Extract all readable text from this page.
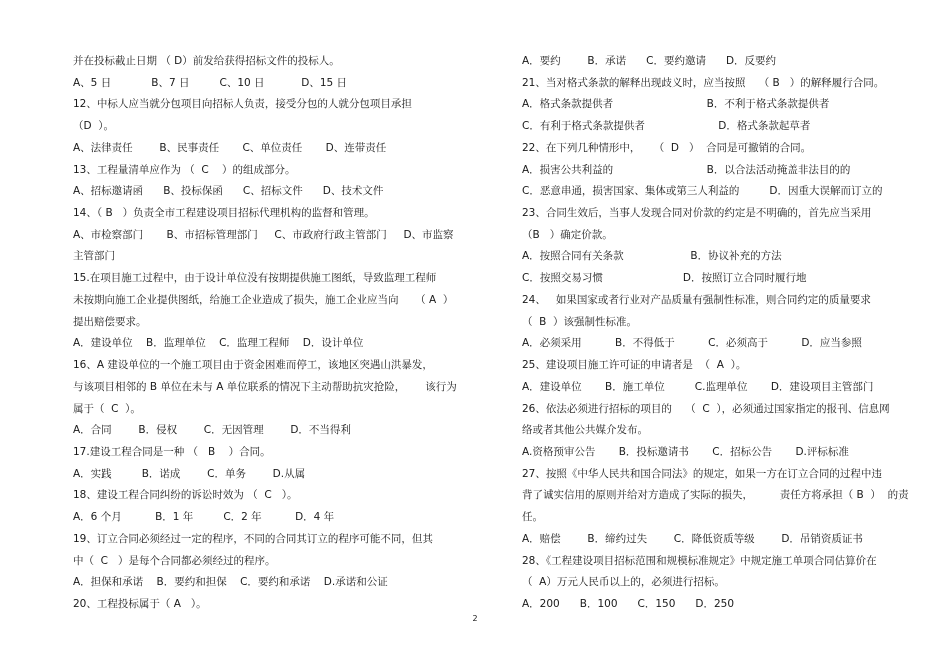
并在投标截止日期 （ D）前发给获得招标文件的投标人。
A、5 日            B、7 日         C、10 日           D、15 日
12、中标人应当就分包项目向招标人负责，接受分包的人就分包项目承担
（D  ）。
A、法律责任        B、民事责任       C、单位责任       D、连带责任
13、工程量清单应作为 （  C    ）的组成部分。
A、招标邀请函      B、投标保函      C、招标文件      D、技术文件
14、（ B   ）负责全市工程建设项目招标代理机构的监督和管理。
A、市检察部门       B、市招标管理部门     C、市政府行政主管部门     D、市监察
主管部门
15.在项目施工过程中，由于设计单位没有按期提供施工图纸，导致监理工程师
未按期向施工企业提供图纸，给施工企业造成了损失，施工企业应当向     （ A  ）
提出赔偿要求。
A．建设单位    B．监理单位    C．监理工程师    D．设计单位
16、A 建设单位的一个施工项目由于资金困难而停工，该地区突遇山洪暴发，
与该项目相邻的 B 单位在未与 A 单位联系的情况下主动帮助抗灾抢险，      该行为
属于（  C  ）。
A．合同        B．侵权        C．无因管理        D．不当得利
17.建设工程合同是一种 （   B    ）合同。
A．实践         B．诺成        C．单务        D.从属
18、建设工程合同纠纷的诉讼时效为 （  C   ）。
A．6 个月          B．1 年         C．2 年          D．4 年
19、订立合同必须经过一定的程序，不同的合同其订立的程序可能不同，但其
中（  C   ）是每个合同都必须经过的程序。
A．担保和承诺    B．要约和担保    C．要约和承诺    D.承诺和公证
20、工程投标属于（ A   ）。
A．要约        B．承诺      C．要约邀请      D．反要约
21、当对格式条款的解释出现歧义时，应当按照    （ B   ）的解释履行合同。
A．格式条款提供者                            B．不利于格式条款提供者
C．有利于格式条款提供者                      D．格式条款起草者
22、在下列几种情形中，    （  D   ）  合同是可撤销的合同。
A．损害公共利益的                            B．以合法活动掩盖非法目的的
C．恶意串通，损害国家、集体或第三人利益的         D．因重大误解而订立的
23、合同生效后，当事人发现合同对价款的约定是不明确的，首先应当采用
（B   ）确定价款。
A．按照合同有关条款                    B．协议补充的方法
C．按照交易习惯                        D．按照订立合同时履行地
24、   如果国家或者行业对产品质量有强制性标准，则合同约定的质量要求
（  B  ）该强制性标准。
A．必须采用          B．不得低于          C．必须高于          D．应当参照
25、建设项目施工许可证的申请者是  （  A  ）。
A．建设单位       B．施工单位         C.监理单位       D．建设项目主管部门
26、依法必须进行招标的项目的    （  C  ），必须通过国家指定的报刊、信息网
络或者其他公共媒介发布。
A.资格预审公告       B．投标邀请书       C．招标公告       D.评标标准
27、按照《中华人民共和国合同法》的规定，如果一方在订立合同的过程中违
背了诚实信用的原则并给对方造成了实际的损失，        责任方将承担（ B  ）  的责
任。
A．赔偿        B．缔约过失        C．降低资质等级        D．吊销资质证书
28、《工程建设项目招标范围和规模标准规定》中规定施工单项合同估算价在
（  A）万元人民币以上的，必须进行招标。
A．200      B．100      C．150      D．250
2
